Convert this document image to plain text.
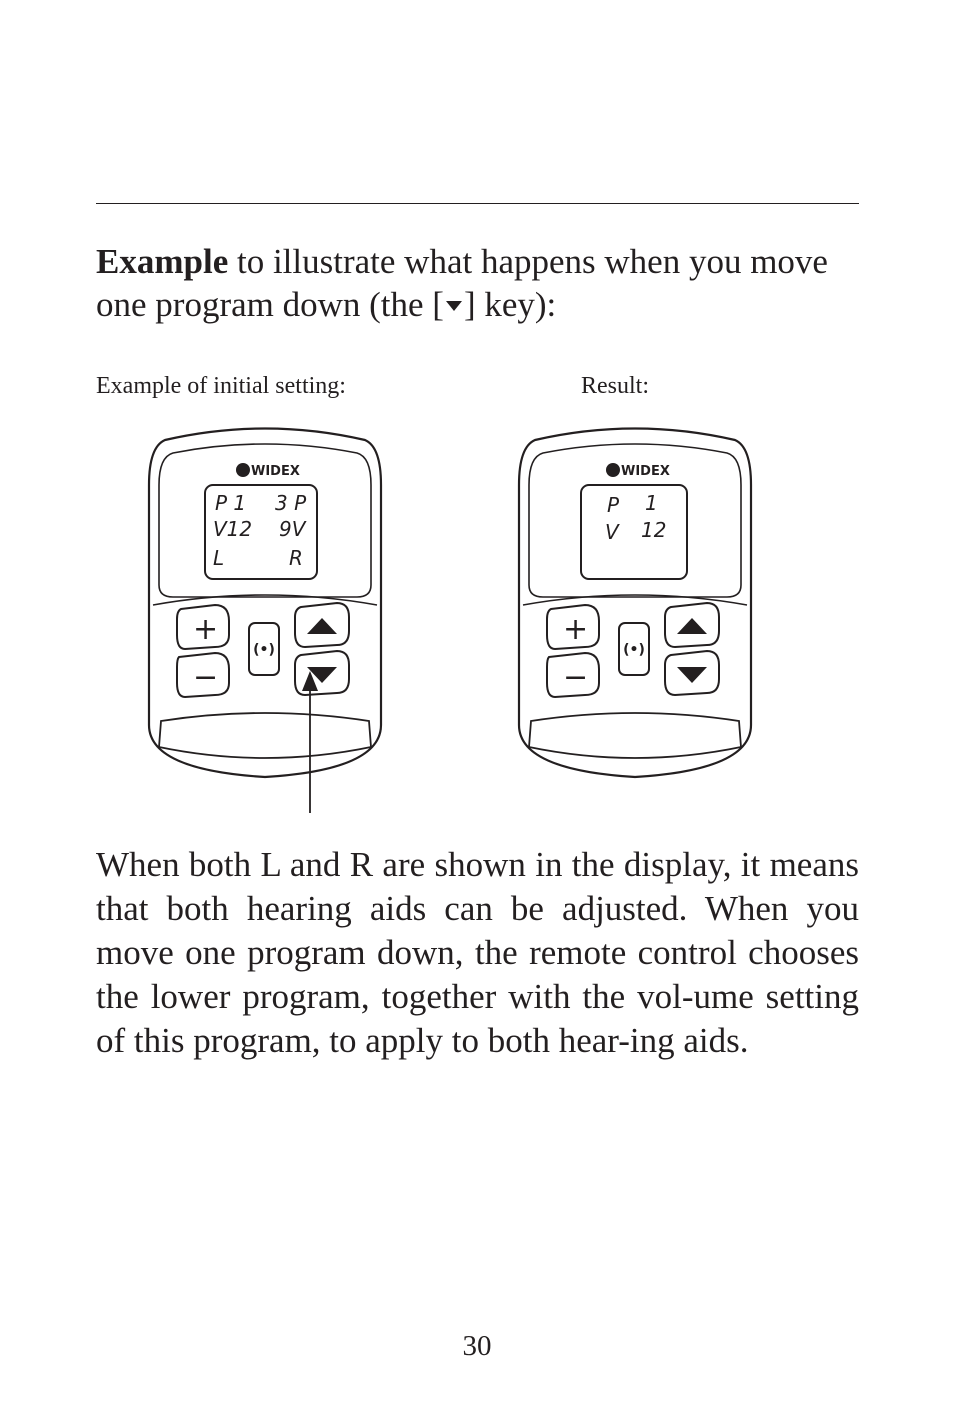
Example to illustrate what happens when you move one program down (the [ ] key):

Example of initial setting:	Result:

WIDEX
P 1 3 P
V12 9V
L	R
+
−
(•)
WIDEX
P 1
V 12
+
−
(•)

When both L and R are shown in the display, it means that both hearing aids can be adjusted. When you move one program down, the remote control chooses the lower program, together with the vol-ume setting of this program, to apply to both hear-ing aids.

30
